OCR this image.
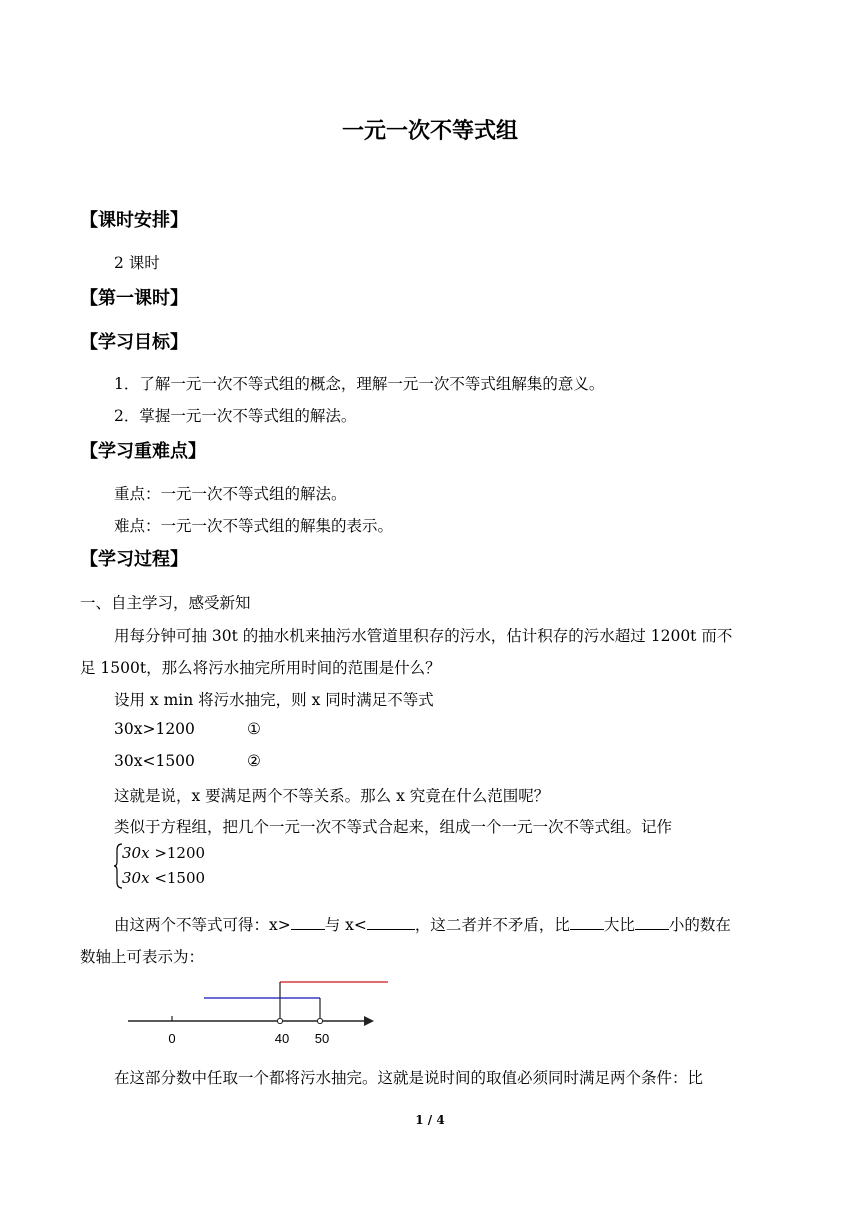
一元一次不等式组
【课时安排】
2 课时
【第一课时】
【学习目标】
1．了解一元一次不等式组的概念，理解一元一次不等式组解集的意义。
2．掌握一元一次不等式组的解法。
【学习重难点】
重点：一元一次不等式组的解法。
难点：一元一次不等式组的解集的表示。
【学习过程】
一、自主学习，感受新知
用每分钟可抽 30t 的抽水机来抽污水管道里积存的污水，估计积存的污水超过 1200t 而不
足 1500t，那么将污水抽完所用时间的范围是什么？
设用 x min 将污水抽完，则 x 同时满足不等式
30x>1200	①
30x<1500	②
这就是说，x 要满足两个不等关系。那么 x 究竟在什么范围呢？
类似于方程组，把几个一元一次不等式合起来，组成一个一元一次不等式组。记作
30x >1200
30x <1500
由这两个不等式可得：x> 与 x<	，这二者并不矛盾，比 大比 小的数在
数轴上可表示为：
0	40 50
在这部分数中任取一个都将污水抽完。这就是说时间的取值必须同时满足两个条件：比
1 / 4
